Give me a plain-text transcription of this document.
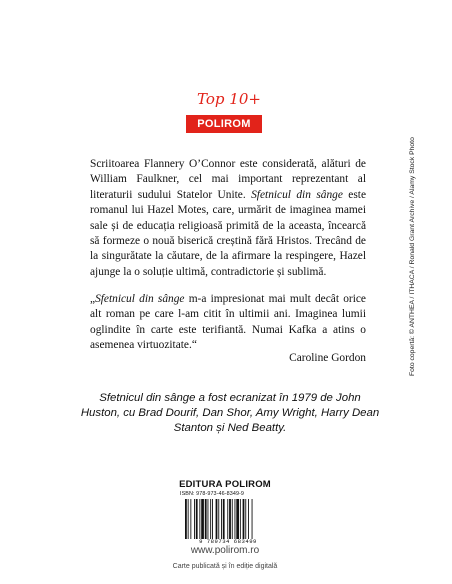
Top 10+
POLIROM
Scriitoarea Flannery O’Connor este considerată, alături de William Faulkner, cel mai important reprezentant al literaturii sudului Statelor Unite. Sfetnicul din sânge este romanul lui Hazel Motes, care, urmărit de imaginea mamei sale și de educația religioasă primită de la aceasta, încearcă să formeze o nouă biserică creștină fără Hristos. Trecând de la singurătate la căutare, de la afirmare la respingere, Hazel ajunge la o soluție ultimă, contradictorie și sublimă.
„Sfetnicul din sânge m-a impresionat mai mult decât orice alt roman pe care l-am citit în ultimii ani. Imaginea lumii oglindite în carte este terifiantă. Numai Kafka a atins o asemenea virtuozitate.“
Caroline Gordon
Sfetnicul din sânge a fost ecranizat în 1979 de John Huston, cu Brad Dourif, Dan Shor, Amy Wright, Harry Dean Stanton și Ned Beatty.
EDITURA POLIROM
ISBN: 978-973-46-8349-9
9 789734 683499
www.polirom.ro
Carte publicată și în ediție digitală
Foto copertă: © ANTHEA / ITHACA / Ronald Grant Archive / Alamy Stock Photo
